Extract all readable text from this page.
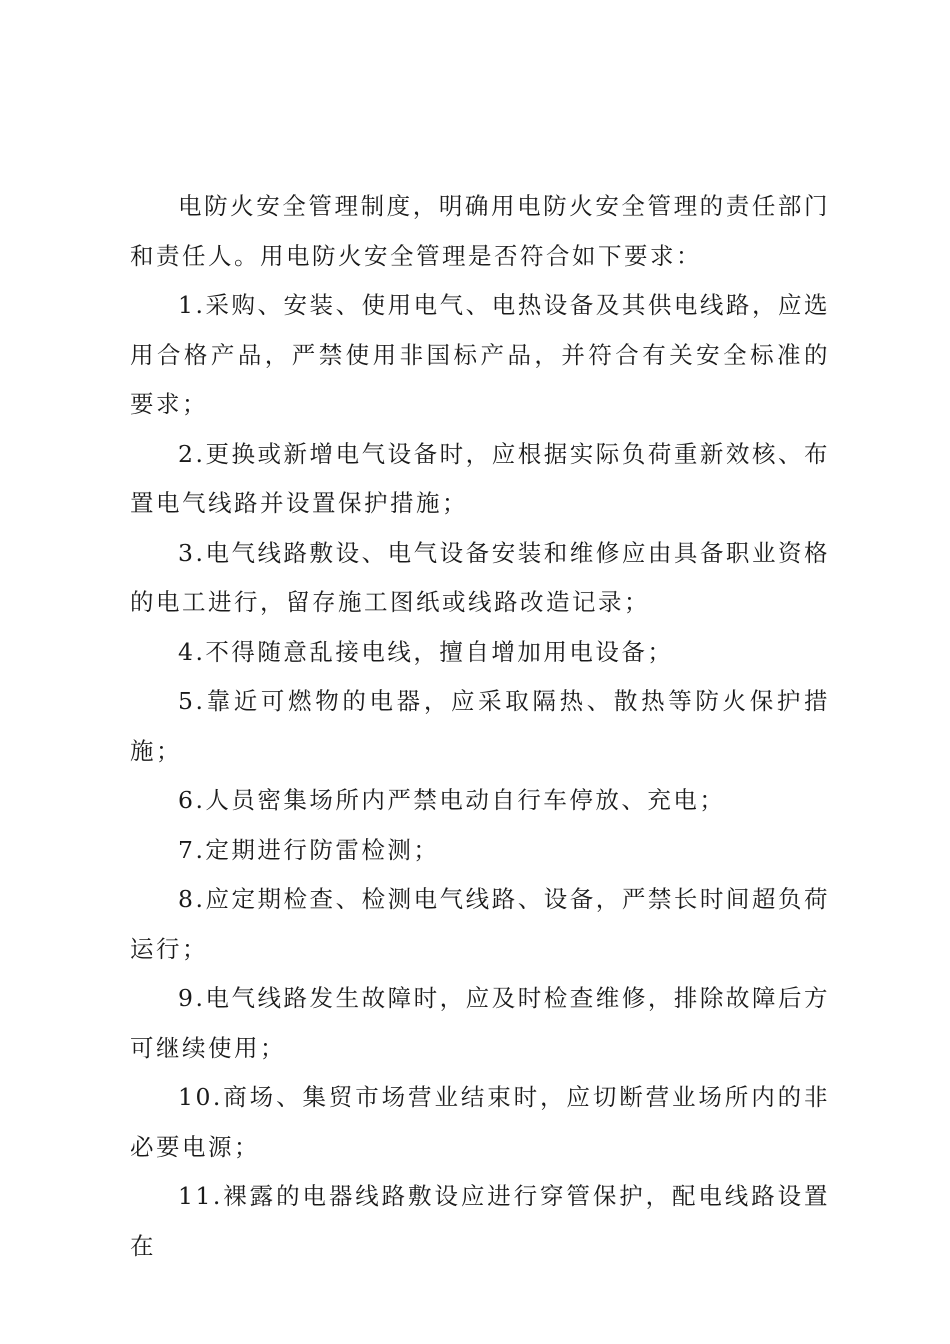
电防火安全管理制度，明确用电防火安全管理的责任部门和责任人。用电防火安全管理是否符合如下要求：

1.采购、安装、使用电气、电热设备及其供电线路，应选用合格产品，严禁使用非国标产品，并符合有关安全标准的要求；

2.更换或新增电气设备时，应根据实际负荷重新效核、布置电气线路并设置保护措施；

3.电气线路敷设、电气设备安装和维修应由具备职业资格的电工进行，留存施工图纸或线路改造记录；

4.不得随意乱接电线，擅自增加用电设备；

5.靠近可燃物的电器，应采取隔热、散热等防火保护措施；

6.人员密集场所内严禁电动自行车停放、充电；

7.定期进行防雷检测；

8.应定期检查、检测电气线路、设备，严禁长时间超负荷运行；

9.电气线路发生故障时，应及时检查维修，排除故障后方可继续使用；

10.商场、集贸市场营业结束时，应切断营业场所内的非必要电源；

11.裸露的电器线路敷设应进行穿管保护，配电线路设置在
